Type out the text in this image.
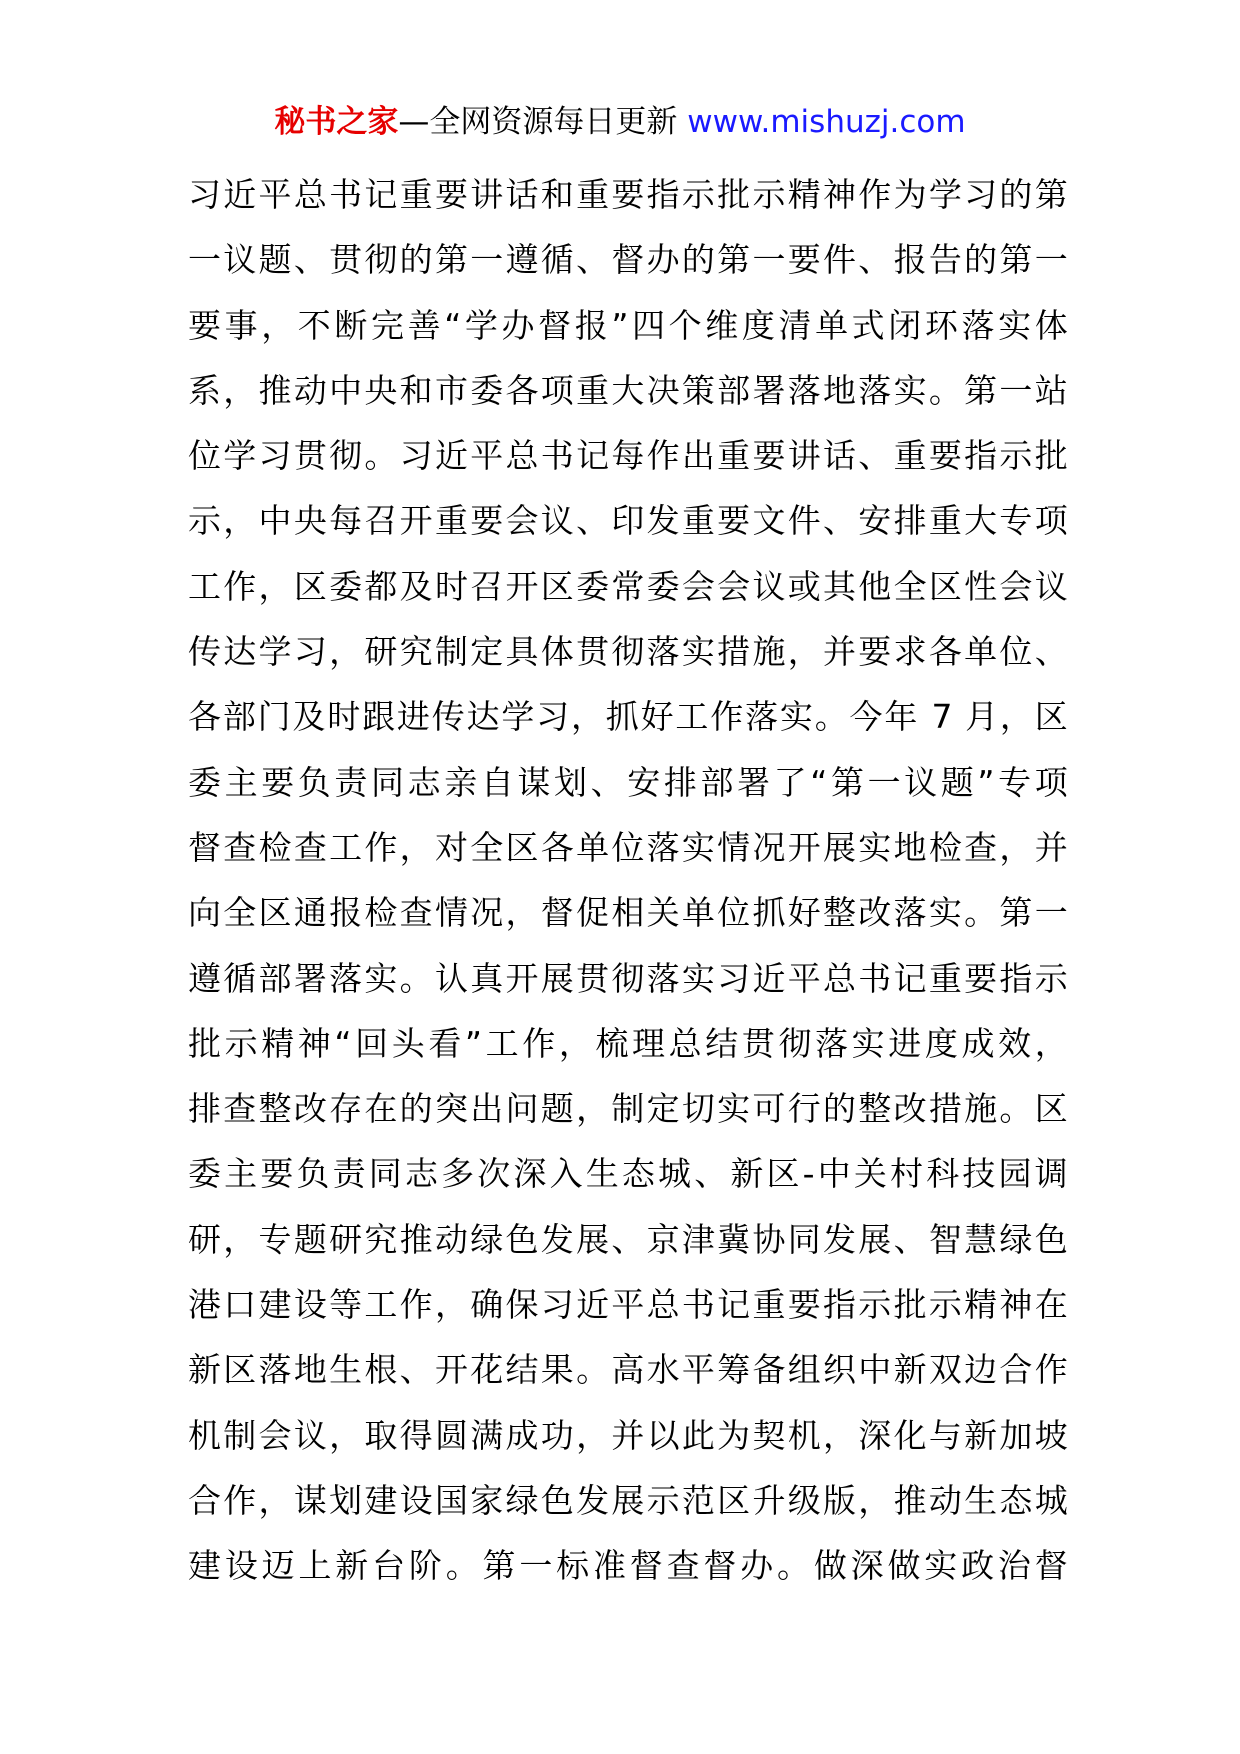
秘书之家—全网资源每日更新 www.mishuzj.com
习近平总书记重要讲话和重要指示批示精神作为学习的第
一议题、贯彻的第一遵循、督办的第一要件、报告的第一
要事，不断完善“学办督报”四个维度清单式闭环落实体
系，推动中央和市委各项重大决策部署落地落实。第一站
位学习贯彻。习近平总书记每作出重要讲话、重要指示批
示，中央每召开重要会议、印发重要文件、安排重大专项
工作，区委都及时召开区委常委会会议或其他全区性会议
传达学习，研究制定具体贯彻落实措施，并要求各单位、
各部门及时跟进传达学习，抓好工作落实。今年 7 月，区
委主要负责同志亲自谋划、安排部署了“第一议题”专项
督查检查工作，对全区各单位落实情况开展实地检查，并
向全区通报检查情况，督促相关单位抓好整改落实。第一
遵循部署落实。认真开展贯彻落实习近平总书记重要指示
批示精神“回头看”工作，梳理总结贯彻落实进度成效，
排查整改存在的突出问题，制定切实可行的整改措施。区
委主要负责同志多次深入生态城、新区-中关村科技园调
研，专题研究推动绿色发展、京津冀协同发展、智慧绿色
港口建设等工作，确保习近平总书记重要指示批示精神在
新区落地生根、开花结果。高水平筹备组织中新双边合作
机制会议，取得圆满成功，并以此为契机，深化与新加坡
合作，谋划建设国家绿色发展示范区升级版，推动生态城
建设迈上新台阶。第一标准督查督办。做深做实政治督
